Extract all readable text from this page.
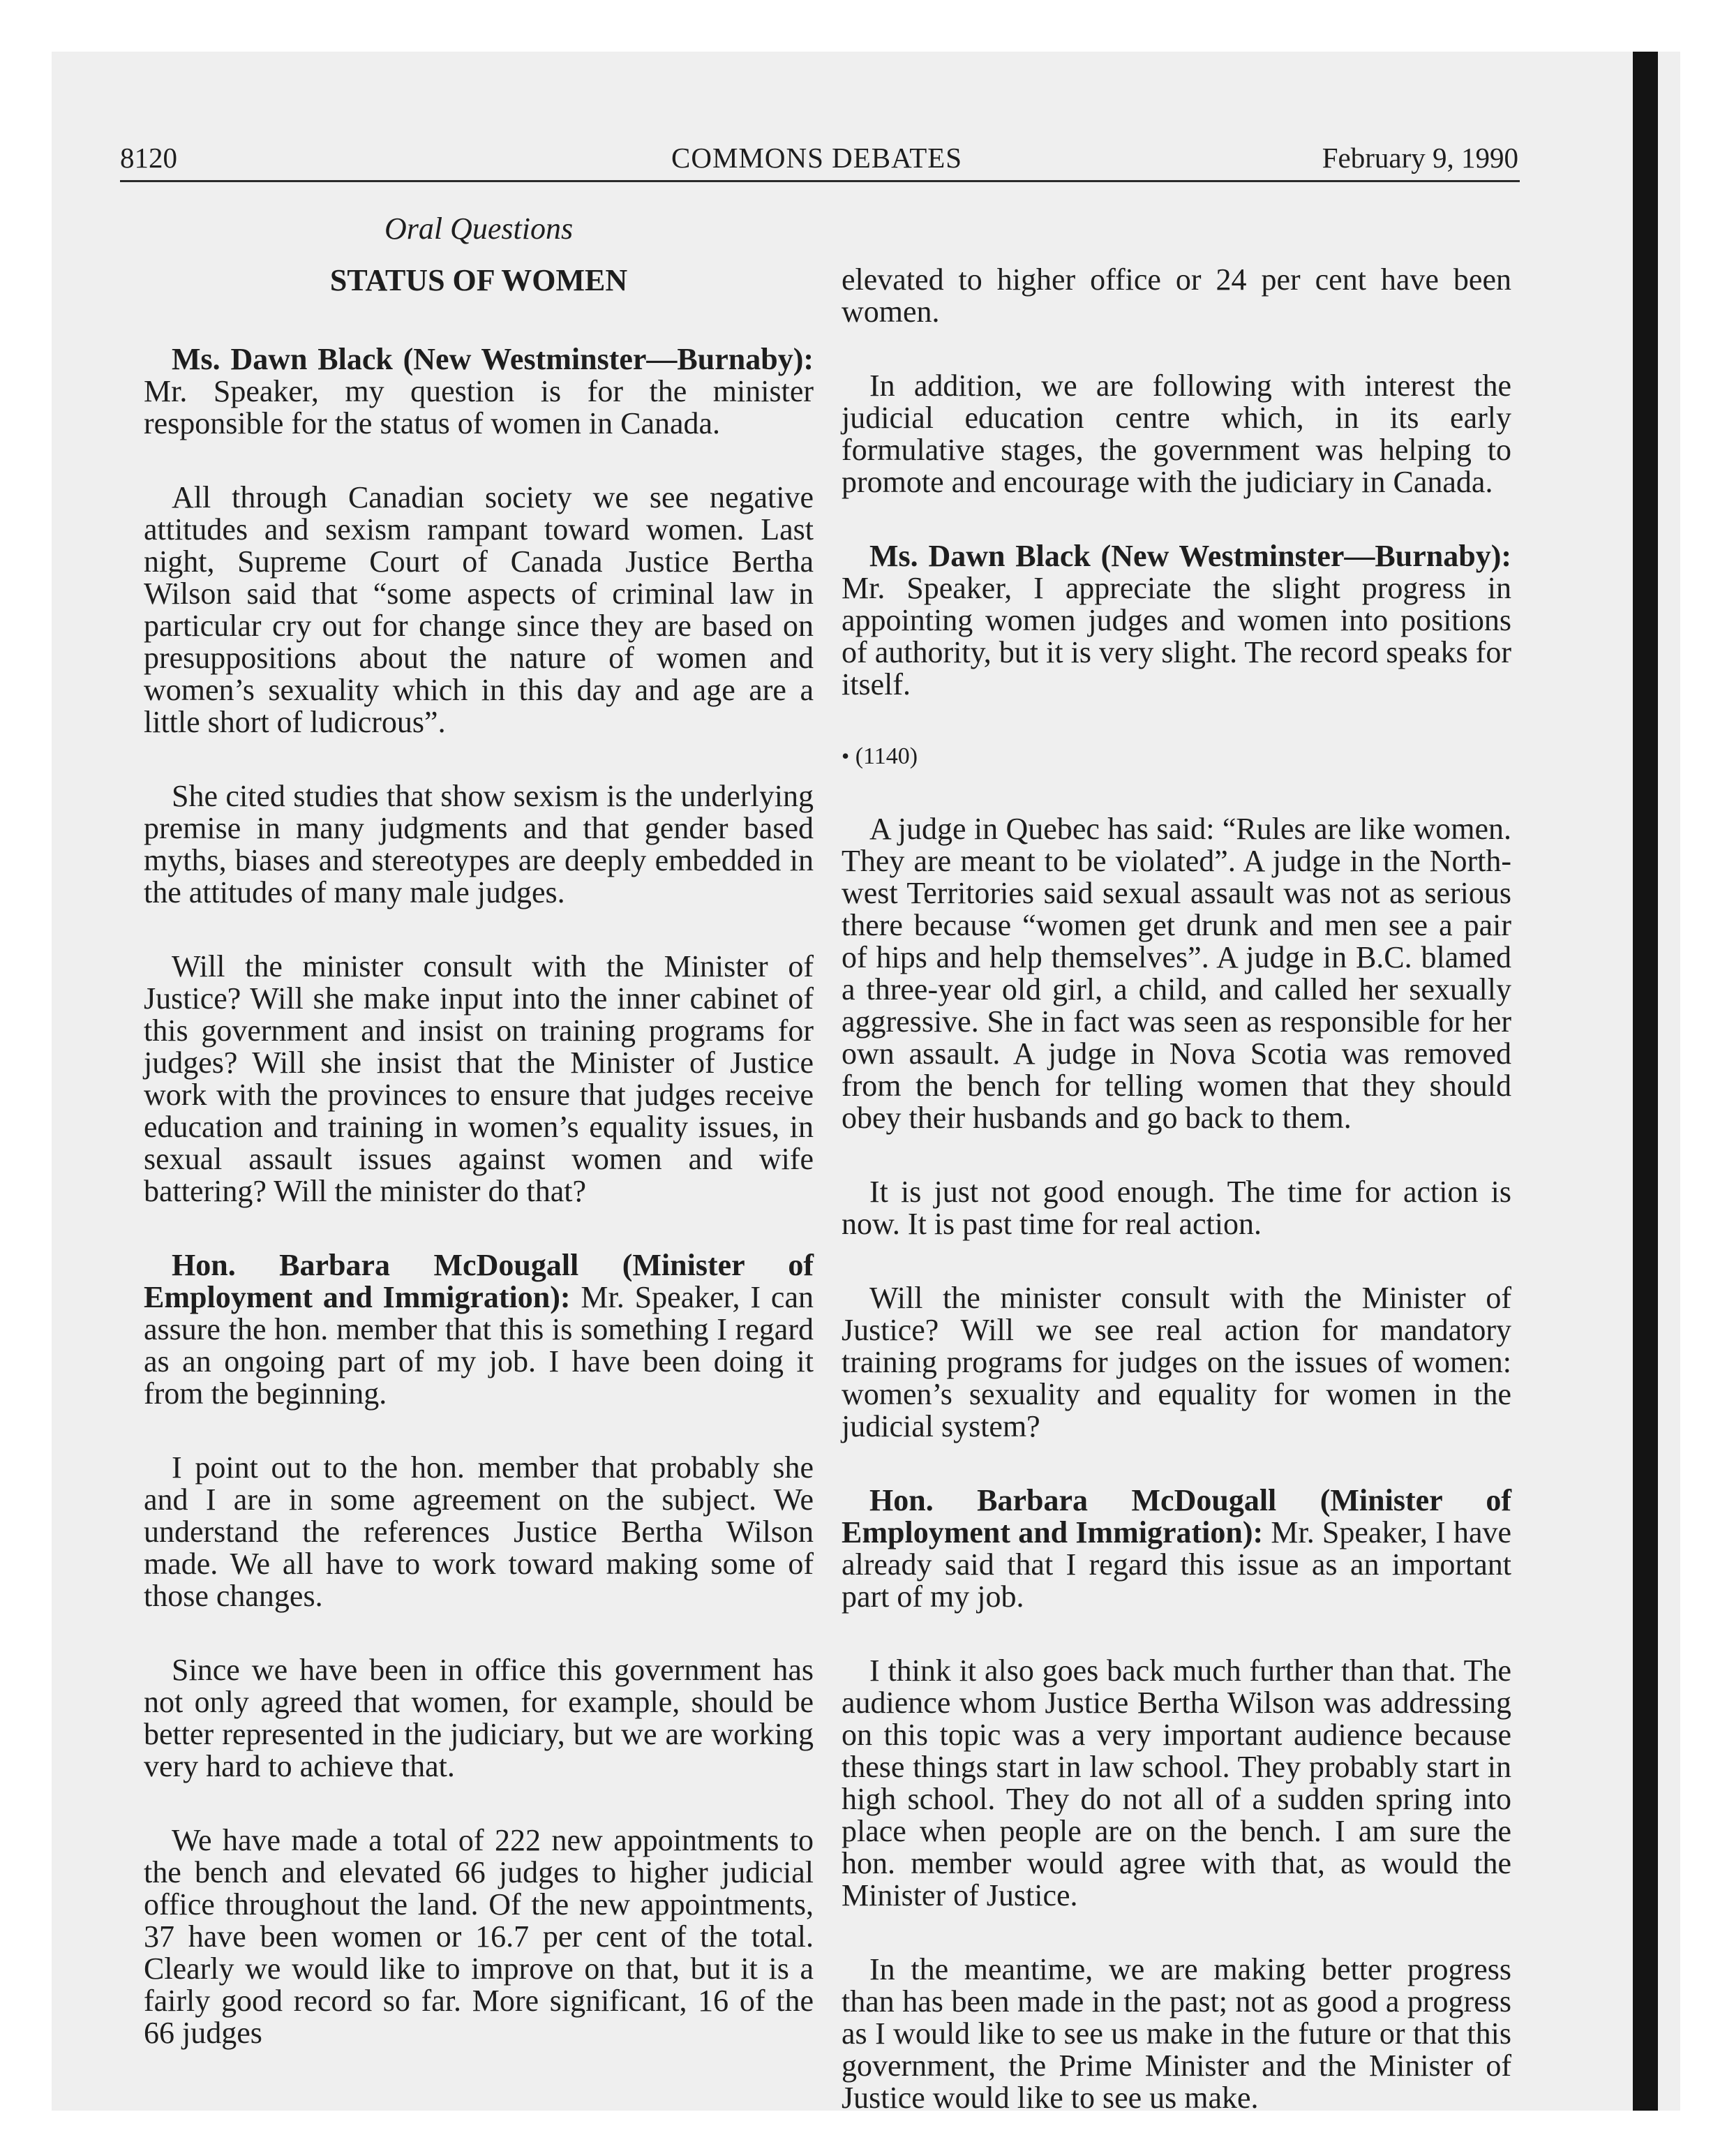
8120	COMMONS DEBATES	February 9, 1990
Oral Questions
STATUS OF WOMEN

Ms. Dawn Black (New Westminster—Burnaby): Mr. Speaker, my question is for the minister responsible for the status of women in Canada.

All through Canadian society we see negative attitudes and sexism rampant toward women. Last night, Supreme Court of Canada Justice Bertha Wilson said that “some aspects of criminal law in particular cry out for change since they are based on presuppositions about the nature of women and women’s sexuality which in this day and age are a little short of ludicrous”.

She cited studies that show sexism is the underlying premise in many judgments and that gender based myths, biases and stereotypes are deeply embedded in the attitudes of many male judges.

Will the minister consult with the Minister of Justice? Will she make input into the inner cabinet of this government and insist on training programs for judges? Will she insist that the Minister of Justice work with the provinces to ensure that judges receive education and training in women’s equality issues, in sexual assault issues against women and wife battering? Will the minister do that?

Hon. Barbara McDougall (Minister of Employment and Immigration): Mr. Speaker, I can assure the hon. member that this is something I regard as an ongoing part of my job. I have been doing it from the beginning.

I point out to the hon. member that probably she and I are in some agreement on the subject. We understand the references Justice Bertha Wilson made. We all have to work toward making some of those changes.

Since we have been in office this government has not only agreed that women, for example, should be better represented in the judiciary, but we are working very hard to achieve that.

We have made a total of 222 new appointments to the bench and elevated 66 judges to higher judicial office throughout the land. Of the new appointments, 37 have been women or 16.7 per cent of the total. Clearly we would like to improve on that, but it is a fairly good record so far. More significant, 16 of the 66 judges

elevated to higher office or 24 per cent have been women.

In addition, we are following with interest the judicial education centre which, in its early formulative stages, the government was helping to promote and encourage with the judiciary in Canada.

Ms. Dawn Black (New Westminster—Burnaby): Mr. Speaker, I appreciate the slight progress in appointing women judges and women into positions of authority, but it is very slight. The record speaks for itself.

• (1140)

A judge in Quebec has said: “Rules are like women. They are meant to be violated”. A judge in the North-west Territories said sexual assault was not as serious there because “women get drunk and men see a pair of hips and help themselves”. A judge in B.C. blamed a three-year old girl, a child, and called her sexually aggressive. She in fact was seen as responsible for her own assault. A judge in Nova Scotia was removed from the bench for telling women that they should obey their husbands and go back to them.

It is just not good enough. The time for action is now. It is past time for real action.

Will the minister consult with the Minister of Justice? Will we see real action for mandatory training programs for judges on the issues of women: women’s sexuality and equality for women in the judicial system?

Hon. Barbara McDougall (Minister of Employment and Immigration): Mr. Speaker, I have already said that I regard this issue as an important part of my job.

I think it also goes back much further than that. The audience whom Justice Bertha Wilson was addressing on this topic was a very important audience because these things start in law school. They probably start in high school. They do not all of a sudden spring into place when people are on the bench. I am sure the hon. member would agree with that, as would the Minister of Justice.

In the meantime, we are making better progress than has been made in the past; not as good a progress as I would like to see us make in the future or that this government, the Prime Minister and the Minister of Justice would like to see us make.
